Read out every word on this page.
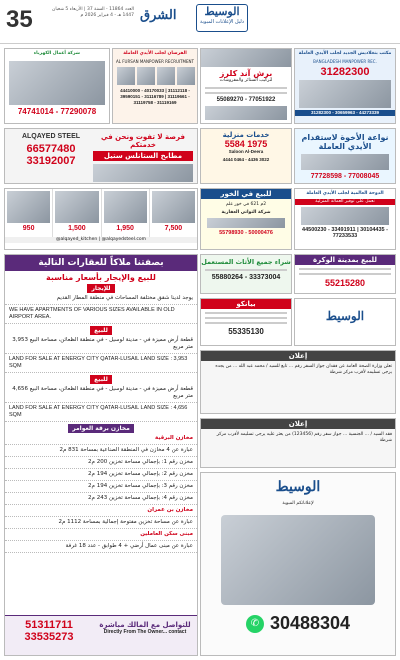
35	العدد 11864 - السنة 37 | الأربعاء 5 شعبان 1447 هـ - 4 فبراير 2026 م الشرق	الوسيط
دليل الإعلانات المبوبة
مكتب بنغلاديش الجديد لجلب الأيدي العاملة
BANGLADESH MANPOWER REC.
31282300
31282300 - 30659963 - 44273339
برش آند كلرز
لتركيب الستائر والمفروشات
55089270 - 77051922
الفرسان لجلب الأيدي العاملة
AL FURSAN MANPOWER RECRUITMENT
44410000 - 40170033 | 31112118 - 39590151 - 31116789 | 31119661 - 31119758 - 31119169
شركة أعمال الكهرباء
74741014 - 77290078
نواعة الأخوة لاستقدام الأيدي العاملة
77728598 - 77008045
خدمات منزلية
5584 1975
Saloon Al-Deera
4444 0464 - 4436 3022
فرصة لا تفوت ونحن في خدمتكم
مطابخ الستانلس ستيل
ALQAYED STEEL
66577480
33192007
7,500
1,950
1,500
950
@alqayed_kitchen | @alqayedsteel.com
الدوحة العالمية لجلب الأيدي العاملة
نعمل على توفير العمالة المنزلية
44500230 - 33491911 | 30104435 - 77233533
للبيع في الخور
2م 621 في خور علم
شركة التواتي العقارية
55798930 - 50000476
للبيع بمدينة الوكرة
55215280
شراء جميع الأثاث المستعمل
55880264 - 33373004
الوسيط
بيانكو
55335130
إعلان
تعلن وزارة الصحة العامة عن فقدان جواز السفر رقم ... تابع للسيد / محمد عبد الله ... من يجده يرجى تسليمه لأقرب مركز شرطة
إعلان
فقد السيد / ... الجنسية ... جواز سفر رقم (123456) من يعثر عليه يرجى تسليمه لأقرب مركز شرطة
الوسيط
لإعلاناتكم المبوبة
✆ 30488304
بصفتنا ملاكاً للعقارات التالية
للبيع والإيجار بأسعار مناسبة
للإيجار
يوجد لدينا شقق مختلفة المساحات في منطقة المطار القديم
WE HAVE APARTMENTS OF VARIOUS SIZES AVAILABLE IN OLD AIRPORT AREA.
للبيع
قطعة أرض مميزة في - مدينة لوسيل - في منطقة الظعائن، مساحة البيع 3,953 متر مربع
LAND FOR SALE AT ENERGY CITY QATAR-LUSAIL LAND SIZE : 3,953 SQM
للبيع
قطعة أرض مميزة في - مدينة لوسيل - في منطقة الظعائن، مساحة البيع 4,656 متر مربع
LAND FOR SALE AT ENERGY CITY QATAR-LUSAIL LAND SIZE : 4,656 SQM
مخازن برقة العوامر
مخازن البرقية
عبارة عن 4 مخازن في المنطقة الصناعية بمساحة 831 م2
مخزن رقم 1: بإجمالي مساحة تخزين 200 م2
مخزن رقم 2: بإجمالي مساحة تخزين 194 م2
مخزن رقم 3: بإجمالي مساحة تخزين 194 م2
مخزن رقم 4: بإجمالي مساحة تخزين 243 م2
مخازن بن عمران
عبارة عن مساحة تخزين مفتوحة إجمالية بمساحة 1112 م2
مبنى سكن العاملين
عبارة عن مبنى عمال أرضي + 4 طوابق - عدد 18 غرفة
للتواصل مع المالك مباشرة
Directly From The Owner... contact
51311711
33535273
